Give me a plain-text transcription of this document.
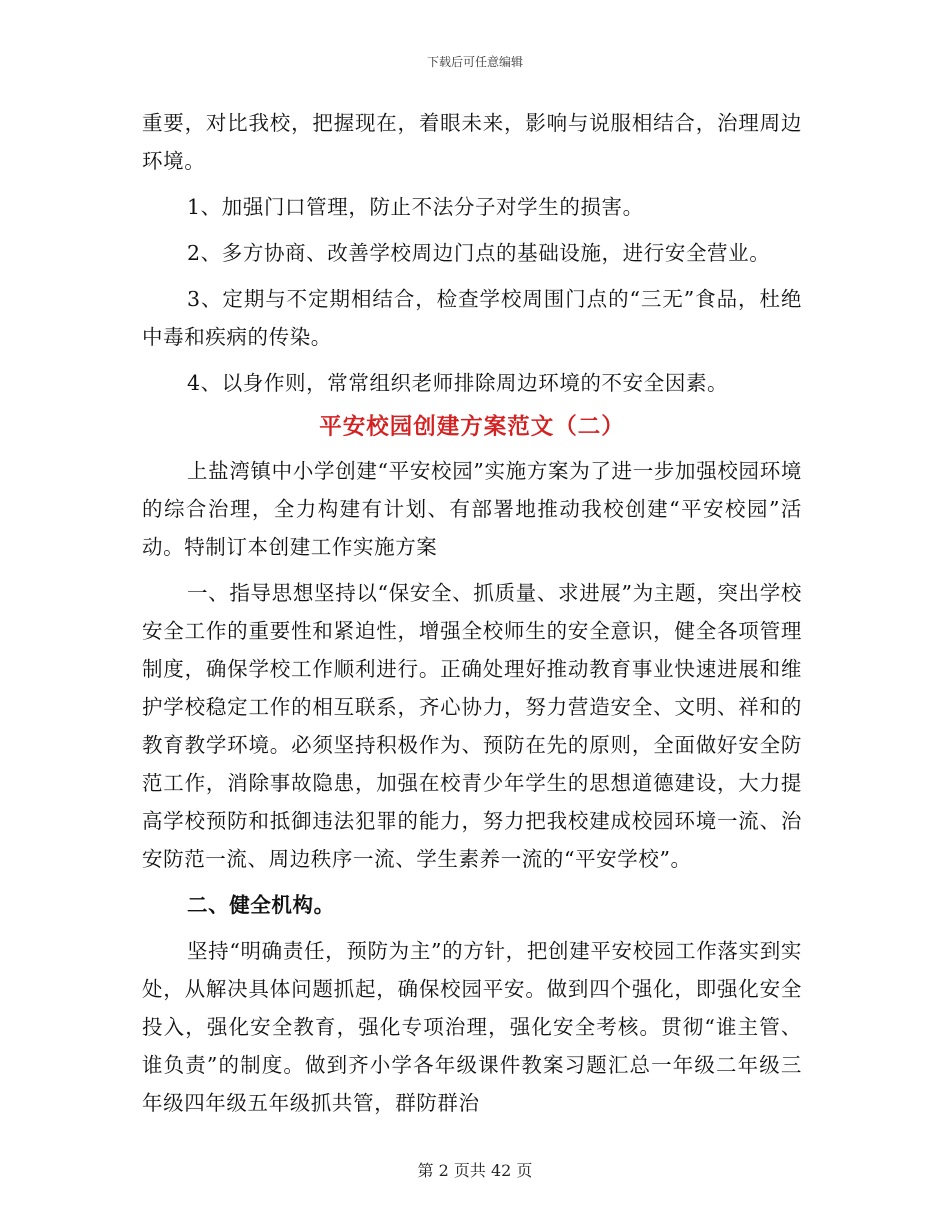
下载后可任意编辑

重要，对比我校，把握现在，着眼未来，影响与说服相结合，治理周边环境。

1、加强门口管理，防止不法分子对学生的损害。

2、多方协商、改善学校周边门点的基础设施，进行安全营业。

3、定期与不定期相结合，检查学校周围门点的“三无”食品，杜绝中毒和疾病的传染。

4、以身作则，常常组织老师排除周边环境的不安全因素。

平安校园创建方案范文（二）

上盐湾镇中小学创建“平安校园”实施方案为了进一步加强校园环境的综合治理，全力构建有计划、有部署地推动我校创建“平安校园”活动。特制订本创建工作实施方案

一、指导思想坚持以“保安全、抓质量、求进展”为主题，突出学校安全工作的重要性和紧迫性，增强全校师生的安全意识，健全各项管理制度，确保学校工作顺利进行。正确处理好推动教育事业快速进展和维护学校稳定工作的相互联系，齐心协力，努力营造安全、文明、祥和的教育教学环境。必须坚持积极作为、预防在先的原则，全面做好安全防范工作，消除事故隐患，加强在校青少年学生的思想道德建设，大力提高学校预防和抵御违法犯罪的能力，努力把我校建成校园环境一流、治安防范一流、周边秩序一流、学生素养一流的“平安学校”。

二、健全机构。

坚持“明确责任，预防为主”的方针，把创建平安校园工作落实到实处，从解决具体问题抓起，确保校园平安。做到四个强化，即强化安全投入，强化安全教育，强化专项治理，强化安全考核。贯彻“谁主管、谁负责”的制度。做到齐小学各年级课件教案习题汇总一年级二年级三年级四年级五年级抓共管，群防群治

第 2 页共 42 页
